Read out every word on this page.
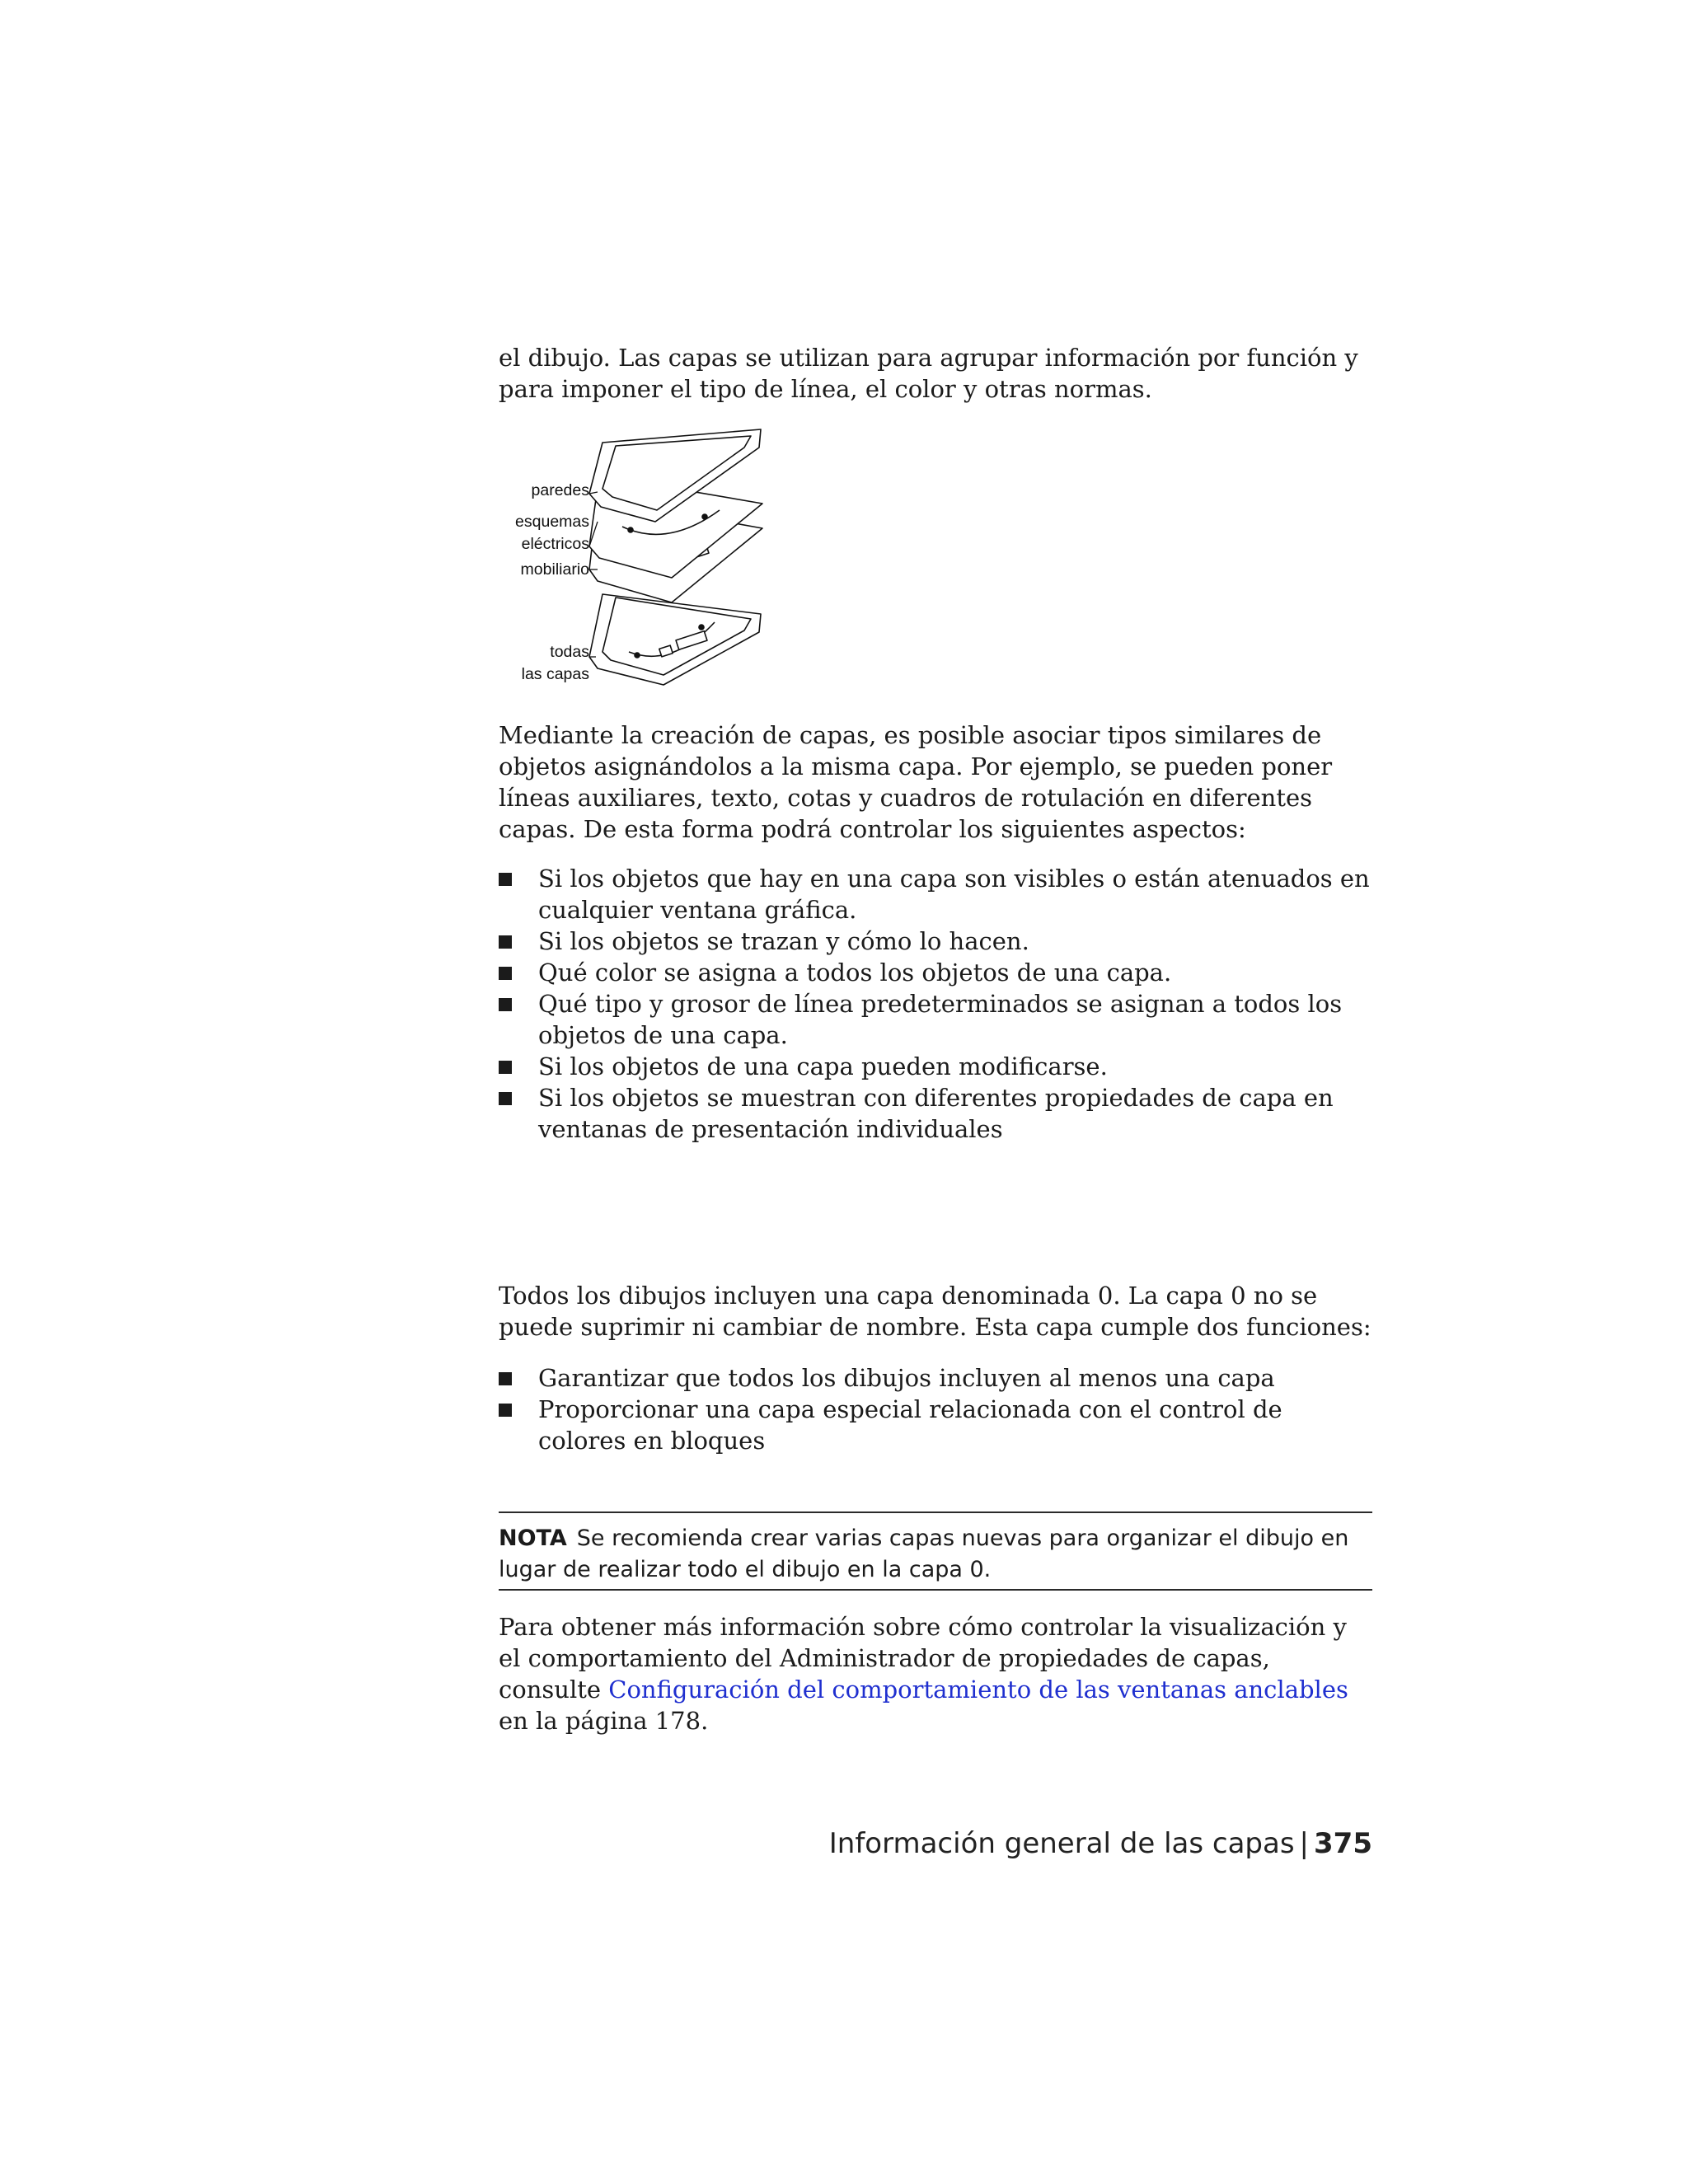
el dibujo. Las capas se utilizan para agrupar información por función y para imponer el tipo de línea, el color y otras normas.

paredes
esquemas
eléctricos
mobiliario
todas
las capas

Mediante la creación de capas, es posible asociar tipos similares de objetos asignándolos a la misma capa. Por ejemplo, se pueden poner líneas auxiliares, texto, cotas y cuadros de rotulación en diferentes capas. De esta forma podrá controlar los siguientes aspectos:

Si los objetos que hay en una capa son visibles o están atenuados en cualquier ventana gráfica.
Si los objetos se trazan y cómo lo hacen.
Qué color se asigna a todos los objetos de una capa.
Qué tipo y grosor de línea predeterminados se asignan a todos los objetos de una capa.
Si los objetos de una capa pueden modificarse.
Si los objetos se muestran con diferentes propiedades de capa en ventanas de presentación individuales

Todos los dibujos incluyen una capa denominada 0. La capa 0 no se puede suprimir ni cambiar de nombre. Esta capa cumple dos funciones:

Garantizar que todos los dibujos incluyen al menos una capa
Proporcionar una capa especial relacionada con el control de colores en bloques
NOTA Se recomienda crear varias capas nuevas para organizar el dibujo en lugar de realizar todo el dibujo en la capa 0.

Para obtener más información sobre cómo controlar la visualización y el comportamiento del Administrador de propiedades de capas, consulte Configuración del comportamiento de las ventanas anclables en la página 178.

Información general de las capas | 375
